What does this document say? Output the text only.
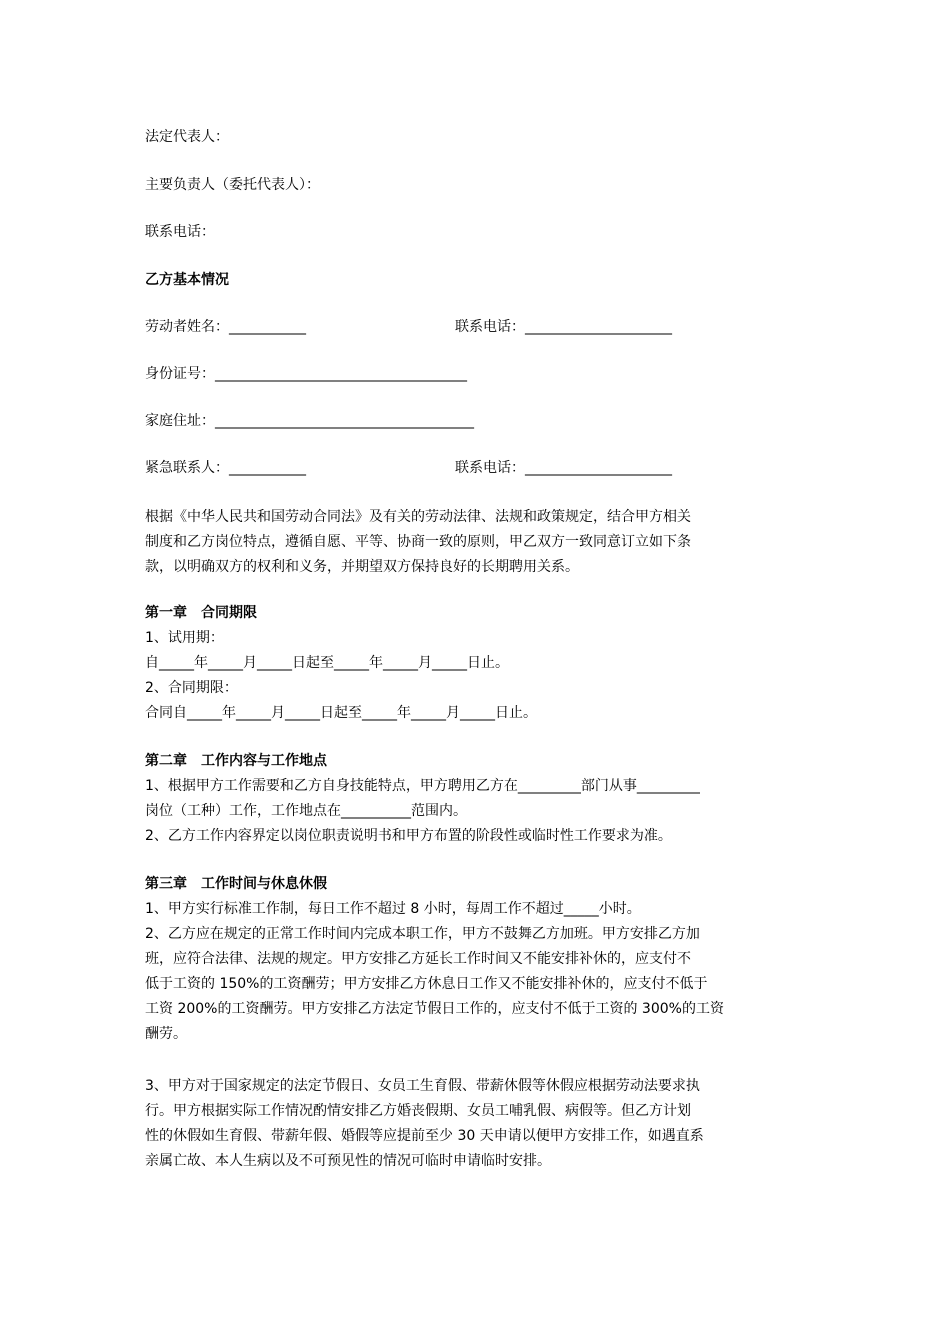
法定代表人：
主要负责人（委托代表人）：
联系电话：
乙方基本情况
劳动者姓名：___________	联系电话：_____________________
身份证号：____________________________________
家庭住址：_____________________________________
紧急联系人：___________	联系电话：_____________________
根据《中华人民共和国劳动合同法》及有关的劳动法律、法规和政策规定，结合甲方相关
制度和乙方岗位特点，遵循自愿、平等、协商一致的原则，甲乙双方一致同意订立如下条
款，以明确双方的权利和义务，并期望双方保持良好的长期聘用关系。
第一章　合同期限
1、试用期：
自_____年_____月_____日起至_____年_____月_____日止。
2、合同期限：
合同自_____年_____月_____日起至_____年_____月_____日止。
第二章　工作内容与工作地点
1、根据甲方工作需要和乙方自身技能特点，甲方聘用乙方在_________部门从事_________
岗位（工种）工作，工作地点在__________范围内。
2、乙方工作内容界定以岗位职责说明书和甲方布置的阶段性或临时性工作要求为准。
第三章　工作时间与休息休假
1、甲方实行标准工作制，每日工作不超过 8 小时，每周工作不超过_____小时。
2、乙方应在规定的正常工作时间内完成本职工作，甲方不鼓舞乙方加班。甲方安排乙方加
班，应符合法律、法规的规定。甲方安排乙方延长工作时间又不能安排补休的，应支付不
低于工资的 150%的工资酬劳；甲方安排乙方休息日工作又不能安排补休的，应支付不低于
工资 200%的工资酬劳。甲方安排乙方法定节假日工作的，应支付不低于工资的 300%的工资
酬劳。
3、甲方对于国家规定的法定节假日、女员工生育假、带薪休假等休假应根据劳动法要求执
行。甲方根据实际工作情况酌情安排乙方婚丧假期、女员工哺乳假、病假等。但乙方计划
性的休假如生育假、带薪年假、婚假等应提前至少 30 天申请以便甲方安排工作，如遇直系
亲属亡故、本人生病以及不可预见性的情况可临时申请临时安排。
